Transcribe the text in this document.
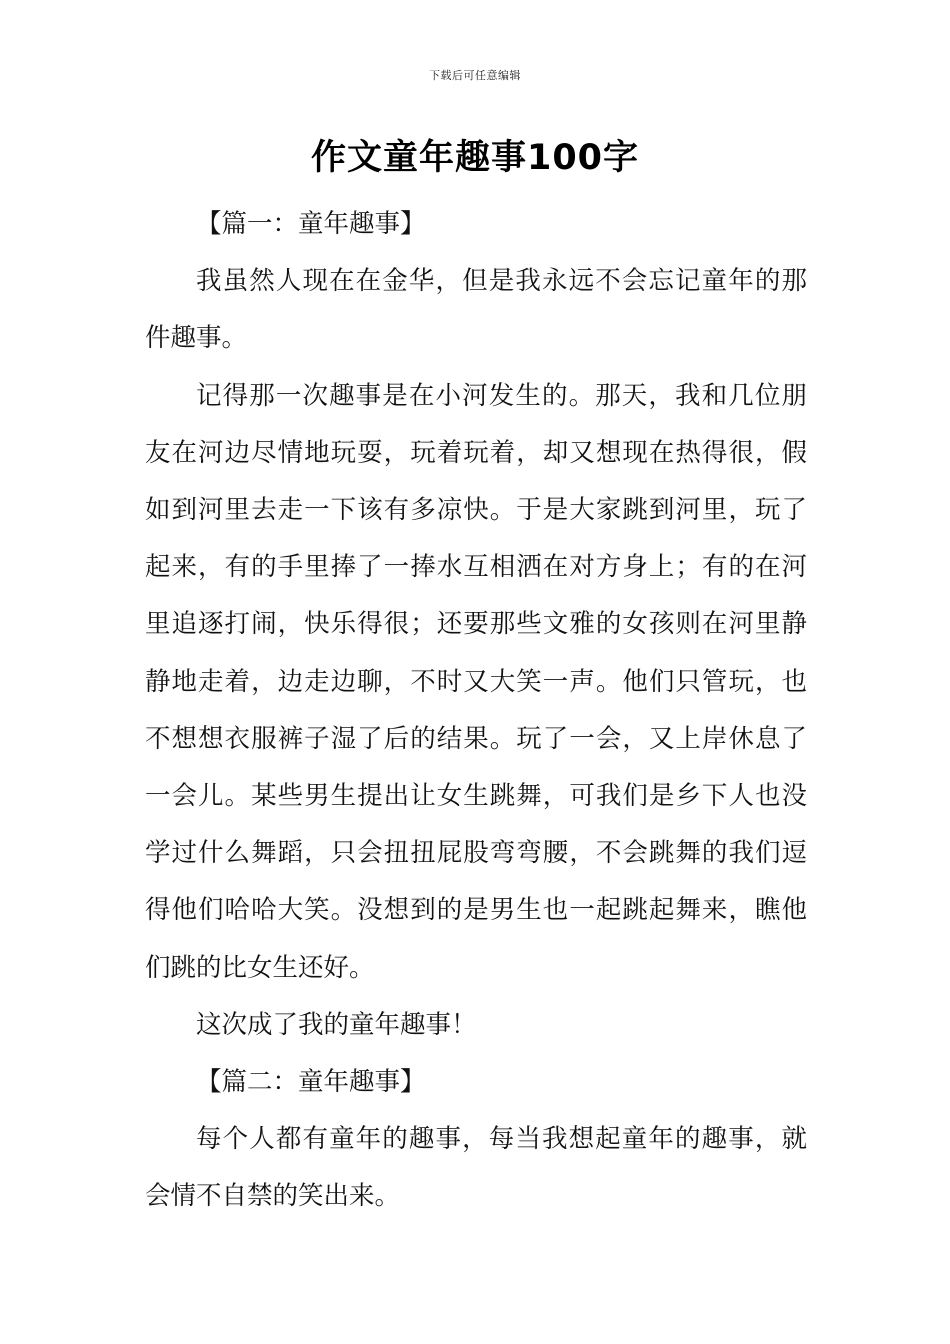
下载后可任意编辑
作文童年趣事100字

【篇一：童年趣事】

我虽然人现在在金华，但是我永远不会忘记童年的那件趣事。

记得那一次趣事是在小河发生的。那天，我和几位朋友在河边尽情地玩耍，玩着玩着，却又想现在热得很，假如到河里去走一下该有多凉快。于是大家跳到河里，玩了起来，有的手里捧了一捧水互相洒在对方身上；有的在河里追逐打闹，快乐得很；还要那些文雅的女孩则在河里静静地走着，边走边聊，不时又大笑一声。他们只管玩，也不想想衣服裤子湿了后的结果。玩了一会，又上岸休息了一会儿。某些男生提出让女生跳舞，可我们是乡下人也没学过什么舞蹈，只会扭扭屁股弯弯腰，不会跳舞的我们逗得他们哈哈大笑。没想到的是男生也一起跳起舞来，瞧他们跳的比女生还好。

这次成了我的童年趣事！

【篇二：童年趣事】

每个人都有童年的趣事，每当我想起童年的趣事，就会情不自禁的笑出来。
